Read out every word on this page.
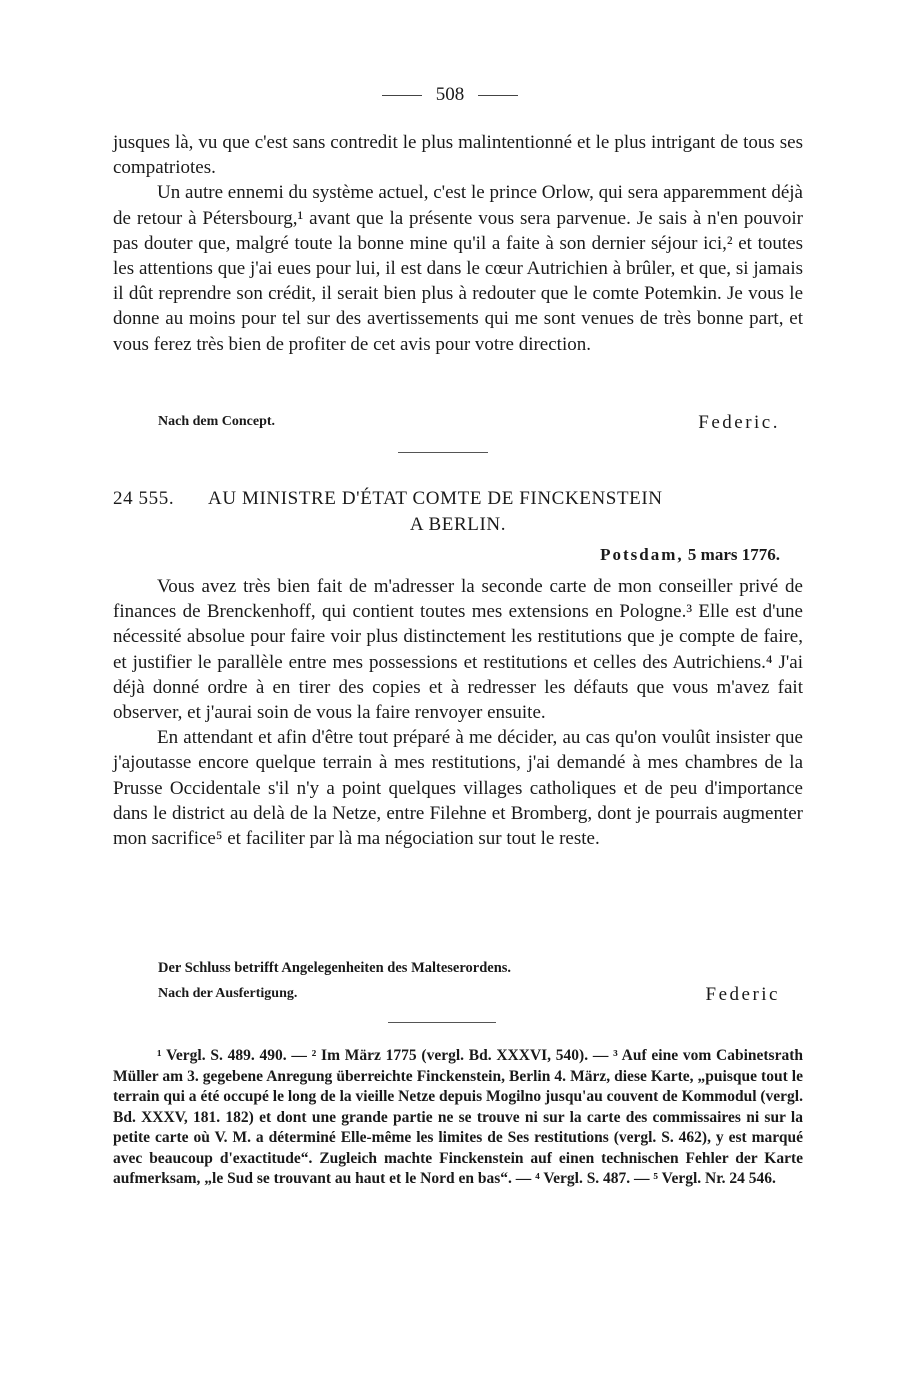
508

jusques là, vu que c'est sans contredit le plus malintentionné et le plus intrigant de tous ses compatriotes.

Un autre ennemi du système actuel, c'est le prince Orlow, qui sera apparemment déjà de retour à Pétersbourg,¹ avant que la présente vous sera parvenue. Je sais à n'en pouvoir pas douter que, malgré toute la bonne mine qu'il a faite à son dernier séjour ici,² et toutes les attentions que j'ai eues pour lui, il est dans le cœur Autrichien à brûler, et que, si jamais il dût reprendre son crédit, il serait bien plus à redouter que le comte Potemkin. Je vous le donne au moins pour tel sur des avertissements qui me sont venues de très bonne part, et vous ferez très bien de profiter de cet avis pour votre direction.

Nach dem Concept.	Federic.
24 555. AU MINISTRE D'ÉTAT COMTE DE FINCKENSTEIN
A BERLIN.
Potsdam, 5 mars 1776.

Vous avez très bien fait de m'adresser la seconde carte de mon conseiller privé de finances de Brenckenhoff, qui contient toutes mes extensions en Pologne.³ Elle est d'une nécessité absolue pour faire voir plus distinctement les restitutions que je compte de faire, et justifier le parallèle entre mes possessions et restitutions et celles des Autrichiens.⁴ J'ai déjà donné ordre à en tirer des copies et à redresser les défauts que vous m'avez fait observer, et j'aurai soin de vous la faire renvoyer ensuite.

En attendant et afin d'être tout préparé à me décider, au cas qu'on voulût insister que j'ajoutasse encore quelque terrain à mes restitutions, j'ai demandé à mes chambres de la Prusse Occidentale s'il n'y a point quelques villages catholiques et de peu d'importance dans le district au delà de la Netze, entre Filehne et Bromberg, dont je pourrais augmenter mon sacrifice⁵ et faciliter par là ma négociation sur tout le reste.

Der Schluss betrifft Angelegenheiten des Malteserordens.
Nach der Ausfertigung.	Federic

¹ Vergl. S. 489. 490. — ² Im März 1775 (vergl. Bd. XXXVI, 540). — ³ Auf eine vom Cabinetsrath Müller am 3. gegebene Anregung überreichte Finckenstein, Berlin 4. März, diese Karte, „puisque tout le terrain qui a été occupé le long de la vieille Netze depuis Mogilno jusqu'au couvent de Kommodul (vergl. Bd. XXXV, 181. 182) et dont une grande partie ne se trouve ni sur la carte des commissaires ni sur la petite carte où V. M. a déterminé Elle-même les limites de Ses restitutions (vergl. S. 462), y est marqué avec beaucoup d'exactitude“. Zugleich machte Finckenstein auf einen technischen Fehler der Karte aufmerksam, „le Sud se trouvant au haut et le Nord en bas“. — ⁴ Vergl. S. 487. — ⁵ Vergl. Nr. 24 546.
